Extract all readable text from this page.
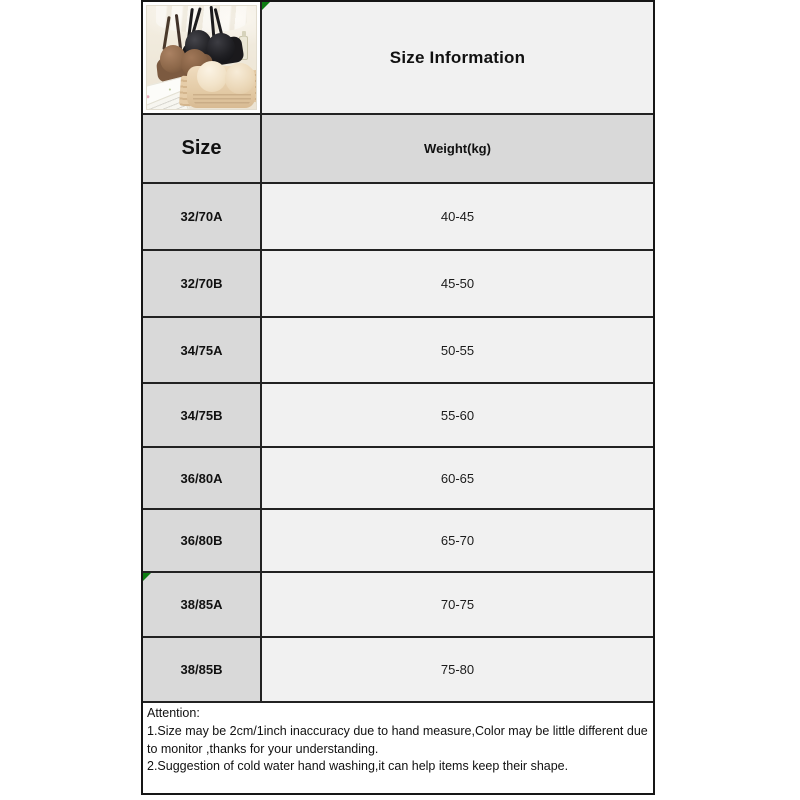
Size Information
Size	Weight(kg)
32/70A	40-45
32/70B	45-50
34/75A	50-55
34/75B	55-60
36/80A	60-65
36/80B	65-70
38/85A	70-75
38/85B	75-80
Attention:
1.Size may be 2cm/1inch inaccuracy due to hand measure,Color may be little different due to monitor ,thanks for your understanding.
2.Suggestion of cold water hand washing,it can help items keep their shape.
